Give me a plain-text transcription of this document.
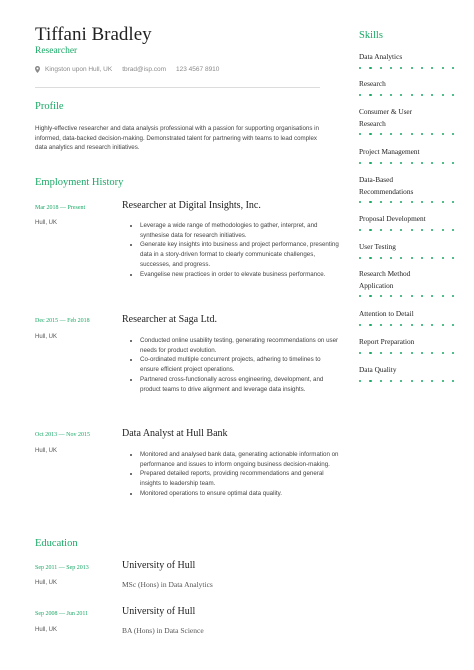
Tiffani Bradley
Researcher
Kingston upon Hull, UK tbrad@isp.com 123 4567 8910
Profile
Highly-effective researcher and data analysis professional with a passion for supporting organisations in informed, data-backed decision-making. Demonstrated talent for partnering with teams to lead complex data analytics and research initiatives.
Employment History
Mar 2018 — Present
Hull, UK
Researcher at Digital Insights, Inc.
• Leverage a wide range of methodologies to gather, interpret, and synthesise data for research initiatives.
• Generate key insights into business and project performance, presenting data in a story-driven format to clearly communicate challenges, successes, and progress.
• Evangelise new practices in order to elevate business performance.
Dec 2015 — Feb 2018
Hull, UK
Researcher at Saga Ltd.
• Conducted online usability testing, generating recommendations on user needs for product evolution.
• Co-ordinated multiple concurrent projects, adhering to timelines to ensure efficient project operations.
• Partnered cross-functionally across engineering, development, and product teams to drive alignment and leverage data insights.
Oct 2013 — Nov 2015
Hull, UK
Data Analyst at Hull Bank
• Monitored and analysed bank data, generating actionable information on performance and issues to inform ongoing business decision-making.
• Prepared detailed reports, providing recommendations and general insights to leadership team.
• Monitored operations to ensure optimal data quality.
Education
Sep 2011 — Sep 2013
Hull, UK
University of Hull
MSc (Hons) in Data Analytics
Sep 2008 — Jun 2011
Hull, UK
University of Hull
BA (Hons) in Data Science
Skills
Data Analytics
Research
Consumer & User Research
Project Management
Data-Based Recommendations
Proposal Development
User Testing
Research Method Application
Attention to Detail
Report Preparation
Data Quality
